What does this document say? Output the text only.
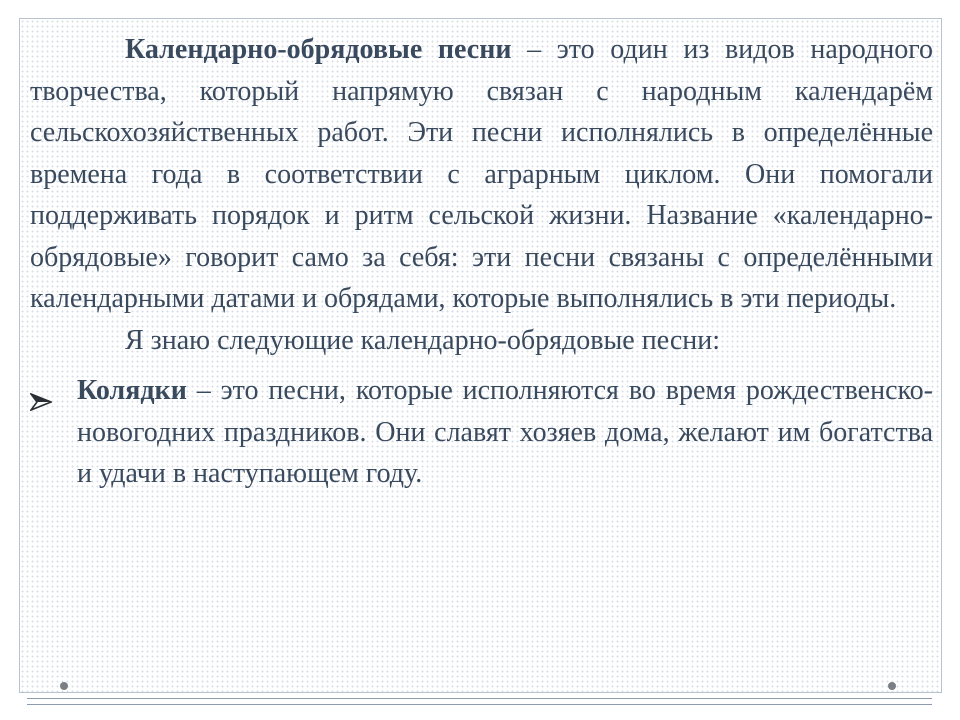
Календарно-обрядовые песни – это один из видов народного творчества, который напрямую связан с народным календарём сельскохозяйственных работ. Эти песни исполнялись в определённые времена года в соответствии с аграрным циклом. Они помогали поддерживать порядок и ритм сельской жизни. Название «календарно-обрядовые» говорит само за себя: эти песни связаны с определёнными календарными датами и обрядами, которые выполнялись в эти периоды.

Я знаю следующие календарно-обрядовые песни:

Колядки – это песни, которые исполняются во время рождественско-новогодних праздников. Они славят хозяев дома, желают им богатства и удачи в наступающем году.
